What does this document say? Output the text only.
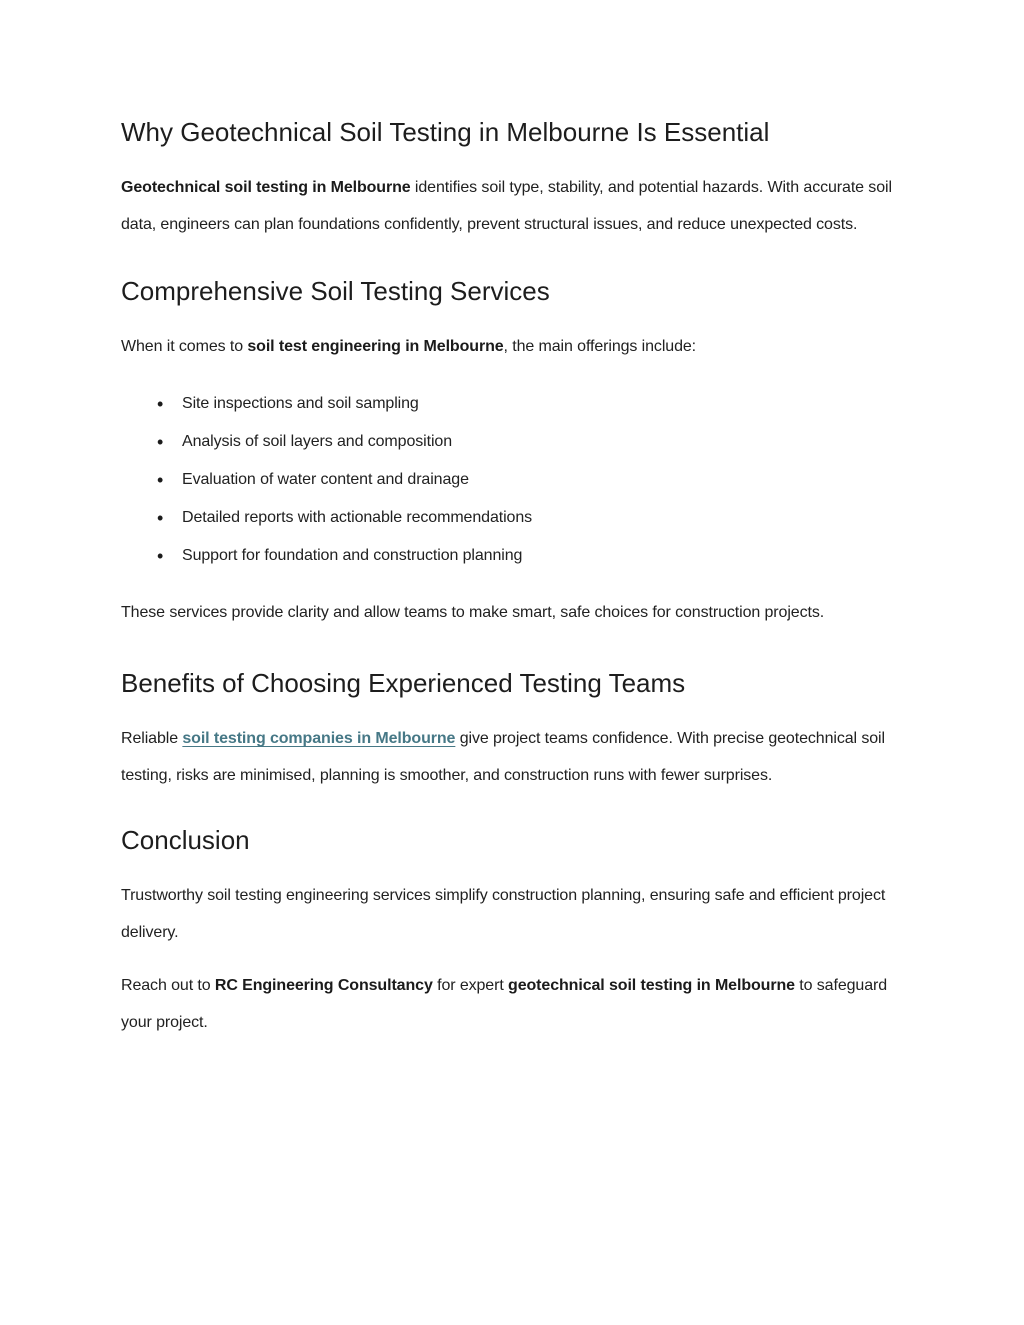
Why Geotechnical Soil Testing in Melbourne Is Essential

Geotechnical soil testing in Melbourne identifies soil type, stability, and potential hazards. With accurate soil data, engineers can plan foundations confidently, prevent structural issues, and reduce unexpected costs.

Comprehensive Soil Testing Services

When it comes to soil test engineering in Melbourne, the main offerings include:

• Site inspections and soil sampling
• Analysis of soil layers and composition
• Evaluation of water content and drainage
• Detailed reports with actionable recommendations
• Support for foundation and construction planning

These services provide clarity and allow teams to make smart, safe choices for construction projects.

Benefits of Choosing Experienced Testing Teams

Reliable soil testing companies in Melbourne give project teams confidence. With precise geotechnical soil testing, risks are minimised, planning is smoother, and construction runs with fewer surprises.

Conclusion

Trustworthy soil testing engineering services simplify construction planning, ensuring safe and efficient project delivery.

Reach out to RC Engineering Consultancy for expert geotechnical soil testing in Melbourne to safeguard your project.
